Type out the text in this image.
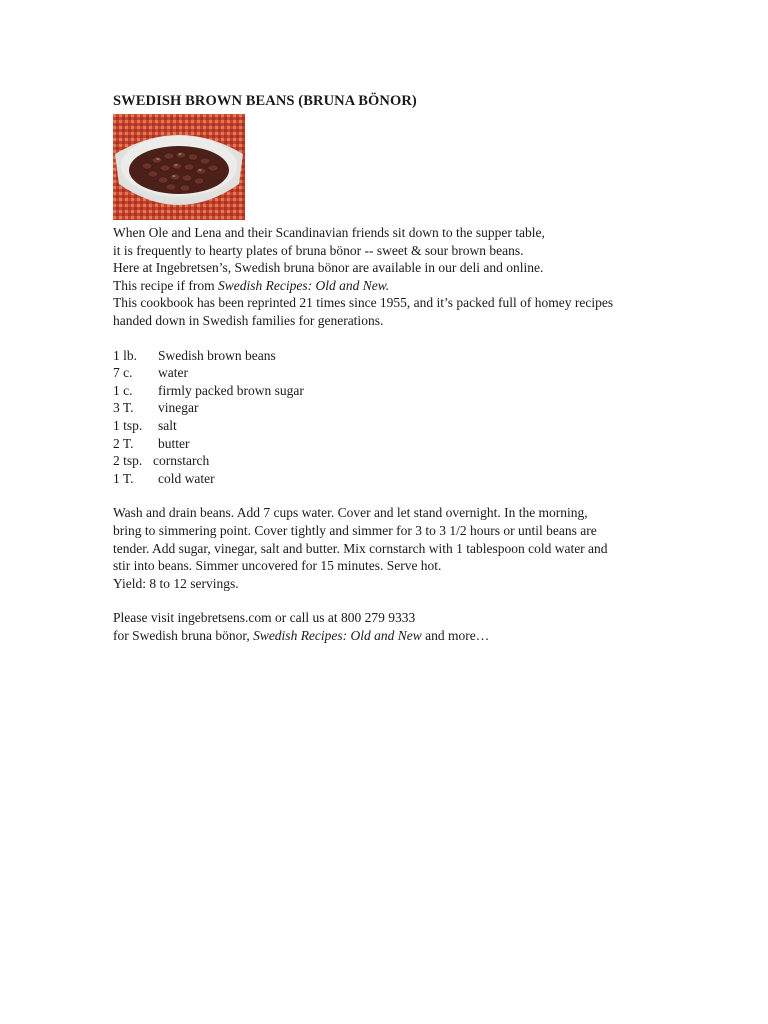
SWEDISH BROWN BEANS (BRUNA BÖNOR)
When Ole and Lena and their Scandinavian friends sit down to the supper table,
it is frequently to hearty plates of bruna bönor -- sweet & sour brown beans.
Here at Ingebretsen’s, Swedish bruna bönor are available in our deli and online.
This recipe if from Swedish Recipes: Old and New.
This cookbook has been reprinted 21 times since 1955, and it’s packed full of homey recipes
handed down in Swedish families for generations.
1 lb.	Swedish brown beans
7 c.	water
1 c.	firmly packed brown sugar
3 T.	vinegar
1 tsp.	salt
2 T.	butter
2 tsp. cornstarch
1 T.	cold water
Wash and drain beans. Add 7 cups water. Cover and let stand overnight. In the morning,
bring to simmering point. Cover tightly and simmer for 3 to 3 1/2 hours or until beans are
tender. Add sugar, vinegar, salt and butter. Mix cornstarch with 1 tablespoon cold water and
stir into beans. Simmer uncovered for 15 minutes. Serve hot.
Yield: 8 to 12 servings.
Please visit ingebretsens.com or call us at 800 279 9333
for Swedish bruna bönor, Swedish Recipes: Old and New and more…
